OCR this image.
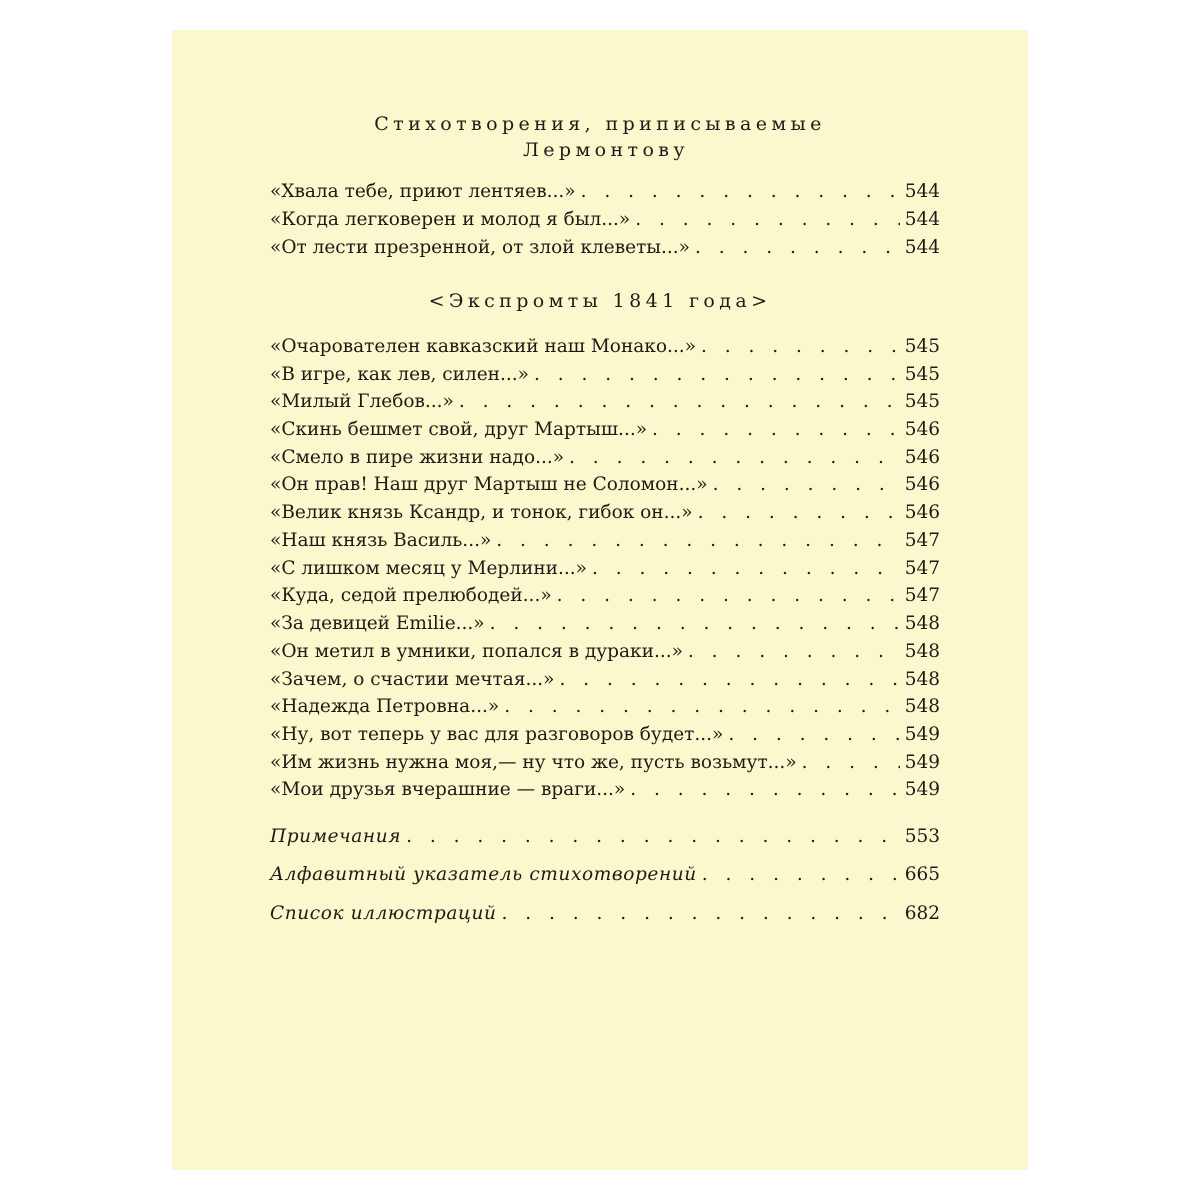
Стихотворения, приписываемые
Лермонтову
«Хвала тебе, приют лентяев...» . . .	544
«Когда легковерен и молод я был...» . . .	544
«От лести презренной, от злой клеветы...» . . .	544
<Экспромты 1841 года>
«Очарователен кавказский наш Монако...» . . .	545
«В игре, как лев, силен...» . . .	545
«Милый Глебов...» . . .	545
«Скинь бешмет свой, друг Мартыш...» . . .	546
«Смело в пире жизни надо...» . . .	546
«Он прав! Наш друг Мартыш не Соломон...» . . .	546
«Велик князь Ксандр, и тонок, гибок он...» . . .	546
«Наш князь Василь...» . . .	547
«С лишком месяц у Мерлини...» . . .	547
«Куда, седой прелюбодей...» . . .	547
«За девицей Emilie...» . . .	548
«Он метил в умники, попался в дураки...» . . .	548
«Зачем, о счастии мечтая...» . . .	548
«Надежда Петровна...» . . .	548
«Ну, вот теперь у вас для разговоров будет...» . . .	549
«Им жизнь нужна моя,— ну что же, пусть возьмут...» . . .	549
«Мои друзья вчерашние — враги...» . . .	549
Примечания . . .	553
Алфавитный указатель стихотворений . . .	665
Список иллюстраций . . .	682
